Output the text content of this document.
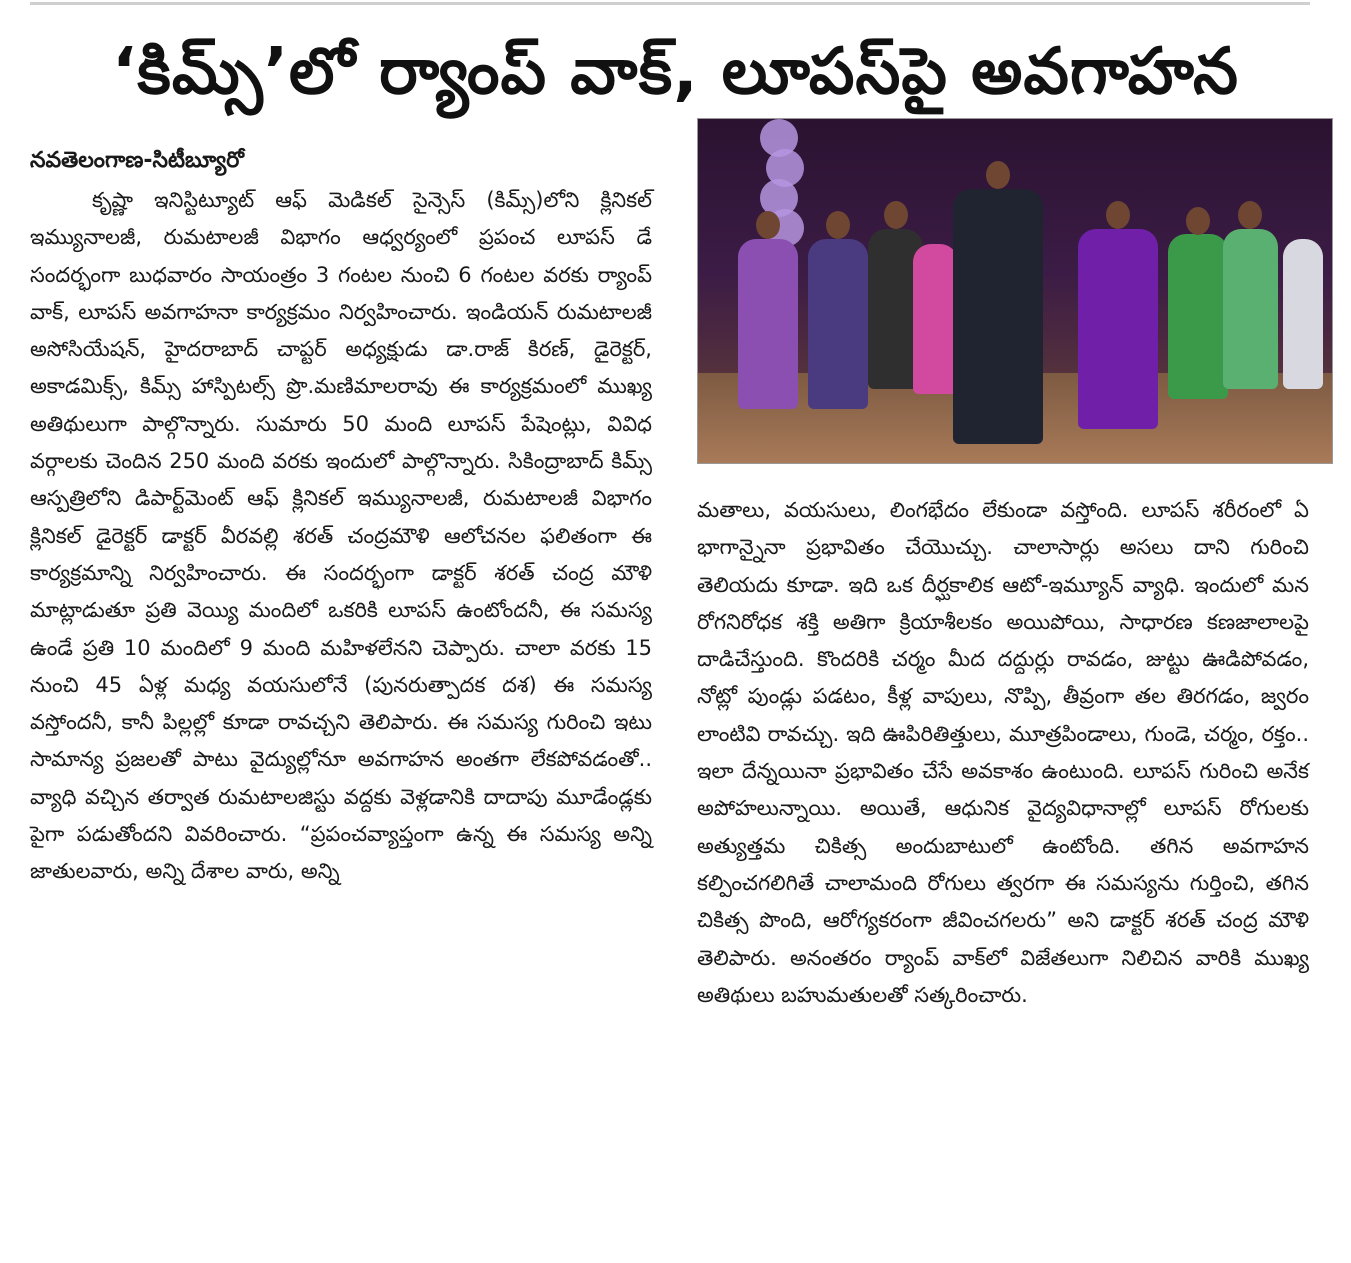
‘కిమ్స్‌’లో ర్యాంప్ వాక్, లూపస్‌పై అవగాహన
నవతెలంగాణ-సిటీబ్యూరో

కృష్ణా ఇనిస్టిట్యూట్ ఆఫ్ మెడికల్ సైన్సెస్ (కిమ్స్)లోని క్లినికల్ ఇమ్యునాలజీ, రుమటాలజీ విభాగం ఆధ్వర్యంలో ప్రపంచ లూపస్ డే సందర్భంగా బుధవారం సాయంత్రం 3 గంటల నుంచి 6 గంటల వరకు ర్యాంప్ వాక్, లూపస్ అవగాహనా కార్యక్రమం నిర్వహించారు. ఇండియన్ రుమటాలజీ అసోసియేషన్, హైదరాబాద్ చాప్టర్ అధ్యక్షుడు డా.రాజ్ కిరణ్, డైరెక్టర్, అకాడమిక్స్, కిమ్స్ హాస్పిటల్స్ ప్రొ.మణిమాలరావు ఈ కార్యక్రమంలో ముఖ్య అతిథులుగా పాల్గొన్నారు. సుమారు 50 మంది లూపస్ పేషెంట్లు, వివిధ వర్గాలకు చెందిన 250 మంది వరకు ఇందులో పాల్గొన్నారు. సికింద్రాబాద్ కిమ్స్ ఆస్పత్రిలోని డిపార్ట్‌మెంట్ ఆఫ్ క్లినికల్ ఇమ్యునాలజీ, రుమటాలజీ విభాగం క్లినికల్ డైరెక్టర్ డాక్టర్ వీరవల్లి శరత్ చంద్రమౌళి ఆలోచనల ఫలితంగా ఈ కార్యక్రమాన్ని నిర్వహించారు. ఈ సందర్భంగా డాక్టర్ శరత్ చంద్ర మౌళి మాట్లాడుతూ ప్రతి వెయ్యి మందిలో ఒకరికి లూపస్ ఉంటోందనీ, ఈ సమస్య ఉండే ప్రతి 10 మందిలో 9 మంది మహిళలేనని చెప్పారు. చాలా వరకు 15 నుంచి 45 ఏళ్ల మధ్య వయసులోనే (పునరుత్పాదక దశ) ఈ సమస్య వస్తోందనీ, కానీ పిల్లల్లో కూడా రావచ్చని తెలిపారు. ఈ సమస్య గురించి ఇటు సామాన్య ప్రజలతో పాటు వైద్యుల్లోనూ అవగాహన అంతగా లేకపోవడంతో.. వ్యాధి వచ్చిన తర్వాత రుమటాలజిస్టు వద్దకు వెళ్లడానికి దాదాపు మూడేండ్లకు పైగా పడుతోందని వివరించారు. “ప్రపంచవ్యాప్తంగా ఉన్న ఈ సమస్య అన్ని జాతులవారు, అన్ని దేశాల వారు, అన్ని

మతాలు, వయసులు, లింగభేదం లేకుండా వస్తోంది. లూపస్ శరీరంలో ఏ భాగాన్నైనా ప్రభావితం చేయొచ్చు. చాలాసార్లు అసలు దాని గురించి తెలియదు కూడా. ఇది ఒక దీర్ఘకాలిక ఆటో-ఇమ్యూన్ వ్యాధి. ఇందులో మన రోగనిరోధక శక్తి అతిగా క్రియాశీలకం అయిపోయి, సాధారణ కణజాలాలపై దాడిచేస్తుంది. కొందరికి చర్మం మీద దద్దుర్లు రావడం, జుట్టు ఊడిపోవడం, నోట్లో పుండ్లు పడటం, కీళ్ల వాపులు, నొప్పి, తీవ్రంగా తల తిరగడం, జ్వరం లాంటివి రావచ్చు. ఇది ఊపిరితిత్తులు, మూత్రపిండాలు, గుండె, చర్మం, రక్తం.. ఇలా దేన్నయినా ప్రభావితం చేసే అవకాశం ఉంటుంది. లూపస్ గురించి అనేక అపోహలున్నాయి. అయితే, ఆధునిక వైద్యవిధానాల్లో లూపస్ రోగులకు అత్యుత్తమ చికిత్స అందుబాటులో ఉంటోంది. తగిన అవగాహన కల్పించగలిగితే చాలామంది రోగులు త్వరగా ఈ సమస్యను గుర్తించి, తగిన చికిత్స పొంది, ఆరోగ్యకరంగా జీవించగలరు” అని డాక్టర్ శరత్ చంద్ర మౌళి తెలిపారు. అనంతరం ర్యాంప్ వాక్‌లో విజేతలుగా నిలిచిన వారికి ముఖ్య అతిథులు బహుమతులతో సత్కరించారు.
